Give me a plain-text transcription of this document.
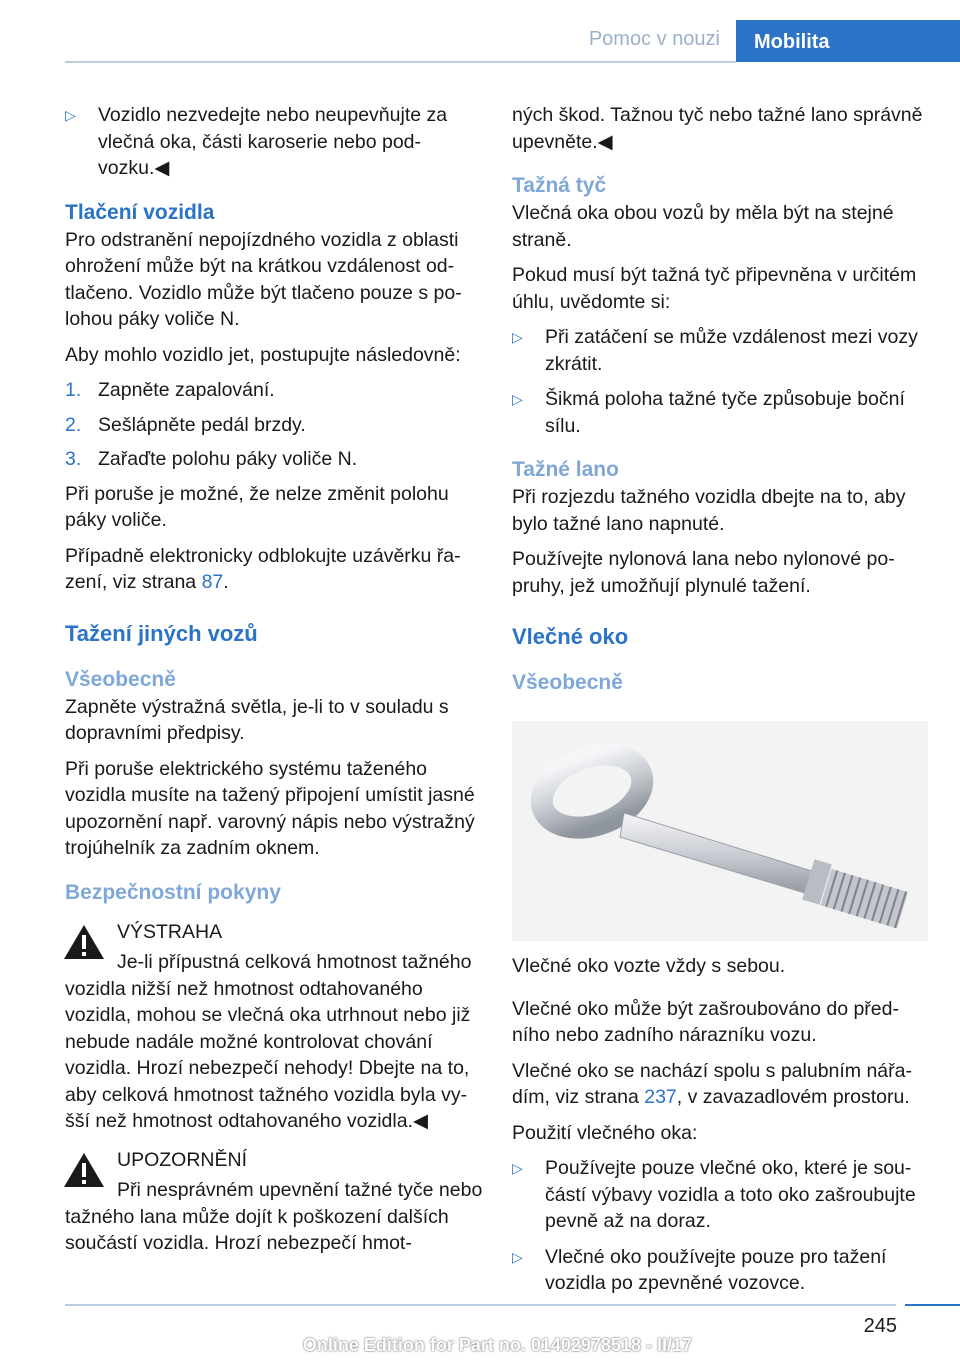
Pomoc v nouzi	Mobilita
▷ Vozidlo nezvedejte nebo neupevňujte za vlečná oka, části karoserie nebo podvozku.◀
Tlačení vozidla

Pro odstranění nepojízdného vozidla z oblasti ohrožení může být na krátkou vzdálenost odtlačeno. Vozidlo může být tlačeno pouze s polohou páky voliče N.

Aby mohlo vozidlo jet, postupujte následovně:

1. Zapněte zapalování.
2. Sešlápněte pedál brzdy.
3. Zařaďte polohu páky voliče N.

Při poruše je možné, že nelze změnit polohu páky voliče.

Případně elektronicky odblokujte uzávěrku řazení, viz strana 87.

Tažení jiných vozů
Všeobecně

Zapněte výstražná světla, je-li to v souladu s dopravními předpisy.

Při poruše elektrického systému taženého vozidla musíte na tažený připojení umístit jasné upozornění např. varovný nápis nebo výstražný trojúhelník za zadním oknem.

Bezpečnostní pokyny

VÝSTRAHA

Je-li přípustná celková hmotnost tažného vozidla nižší než hmotnost odtahovaného vozidla, mohou se vlečná oka utrhnout nebo již nebude nadále možné kontrolovat chování vozidla. Hrozí nebezpečí nehody! Dbejte na to, aby celková hmotnost tažného vozidla byla vyšší než hmotnost odtahovaného vozidla.◀

UPOZORNĚNÍ

Při nesprávném upevnění tažné tyče nebo tažného lana může dojít k poškození dalších součástí vozidla. Hrozí nebezpečí hmot-

ných škod. Tažnou tyč nebo tažné lano správně upevněte.◀

Tažná tyč

Vlečná oka obou vozů by měla být na stejné straně.

Pokud musí být tažná tyč připevněna v určitém úhlu, uvědomte si:

▷ Při zatáčení se může vzdálenost mezi vozy zkrátit.
▷ Šikmá poloha tažné tyče způsobuje boční sílu.
Tažné lano

Při rozjezdu tažného vozidla dbejte na to, aby bylo tažné lano napnuté.

Používejte nylonová lana nebo nylonové popruhy, jež umožňují plynulé tažení.

Vlečné oko
Všeobecně

Vlečné oko vozte vždy s sebou.

Vlečné oko může být zašroubováno do předního nebo zadního nárazníku vozu.

Vlečné oko se nachází spolu s palubním nářadím, viz strana 237, v zavazadlovém prostoru.

Použití vlečného oka:

▷ Používejte pouze vlečné oko, které je součástí výbavy vozidla a toto oko zašroubujte pevně až na doraz.
▷ Vlečné oko používejte pouze pro tažení vozidla po zpevněné vozovce.
245
Online Edition for Part no. 01402978518 - II/17
